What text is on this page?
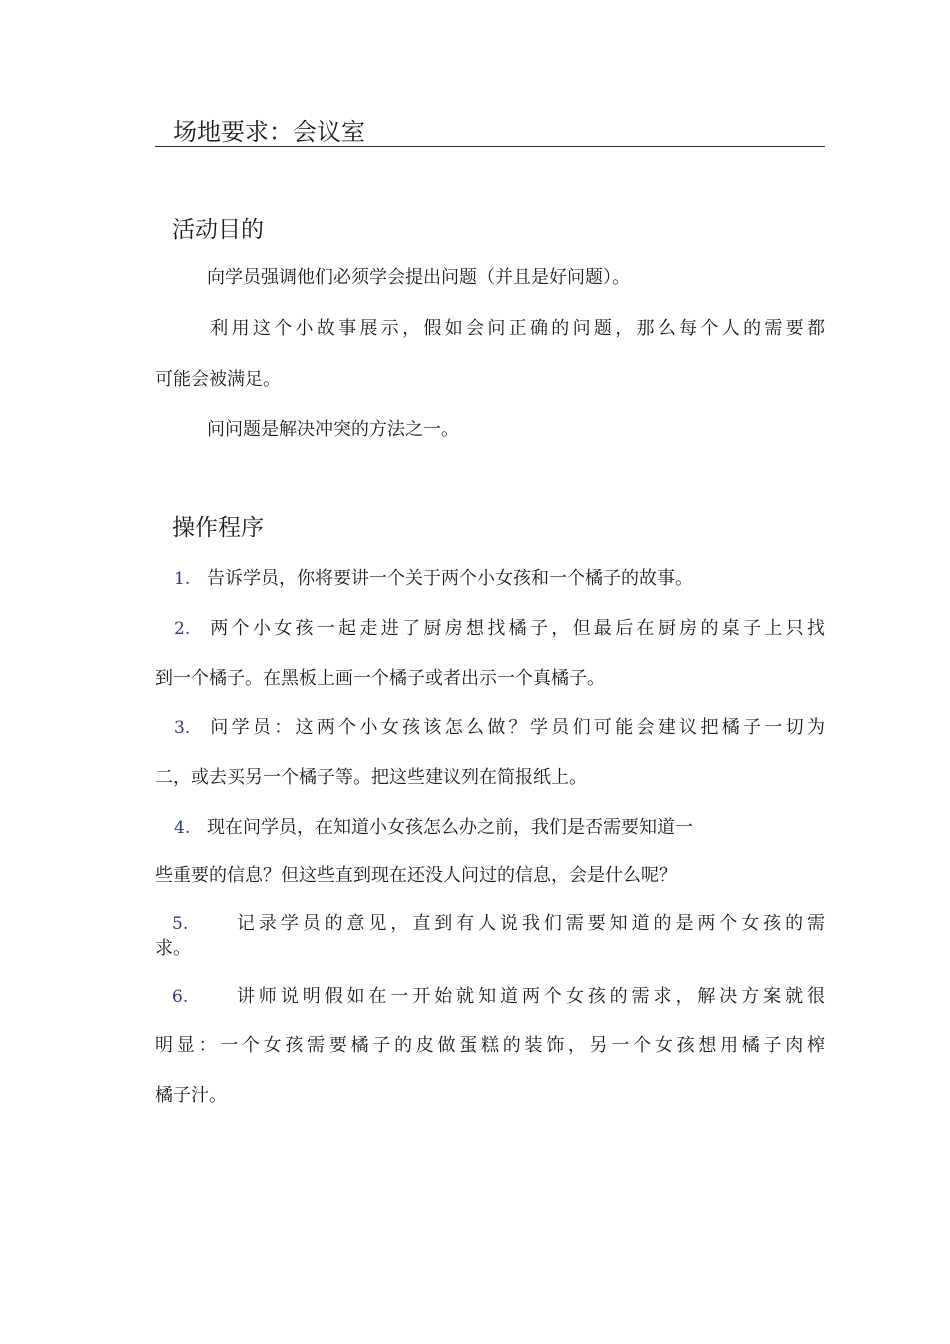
场地要求：会议室
活动目的
向学员强调他们必须学会提出问题（并且是好问题）。
利用这个小故事展示，假如会问正确的问题，那么每个人的需要都
可能会被满足。
问问题是解决冲突的方法之一。
操作程序
1. 告诉学员，你将要讲一个关于两个小女孩和一个橘子的故事。
2. 两个小女孩一起走进了厨房想找橘子，但最后在厨房的桌子上只找
到一个橘子。在黑板上画一个橘子或者出示一个真橘子。
3. 问学员：这两个小女孩该怎么做？学员们可能会建议把橘子一切为
二，或去买另一个橘子等。把这些建议列在简报纸上。
4. 现在问学员，在知道小女孩怎么办之前，我们是否需要知道一
些重要的信息？但这些直到现在还没人问过的信息，会是什么呢？
5. 记录学员的意见，直到有人说我们需要知道的是两个女孩的需
求。
6. 讲师说明假如在一开始就知道两个女孩的需求，解决方案就很
明显：一个女孩需要橘子的皮做蛋糕的装饰，另一个女孩想用橘子肉榨
橘子汁。
